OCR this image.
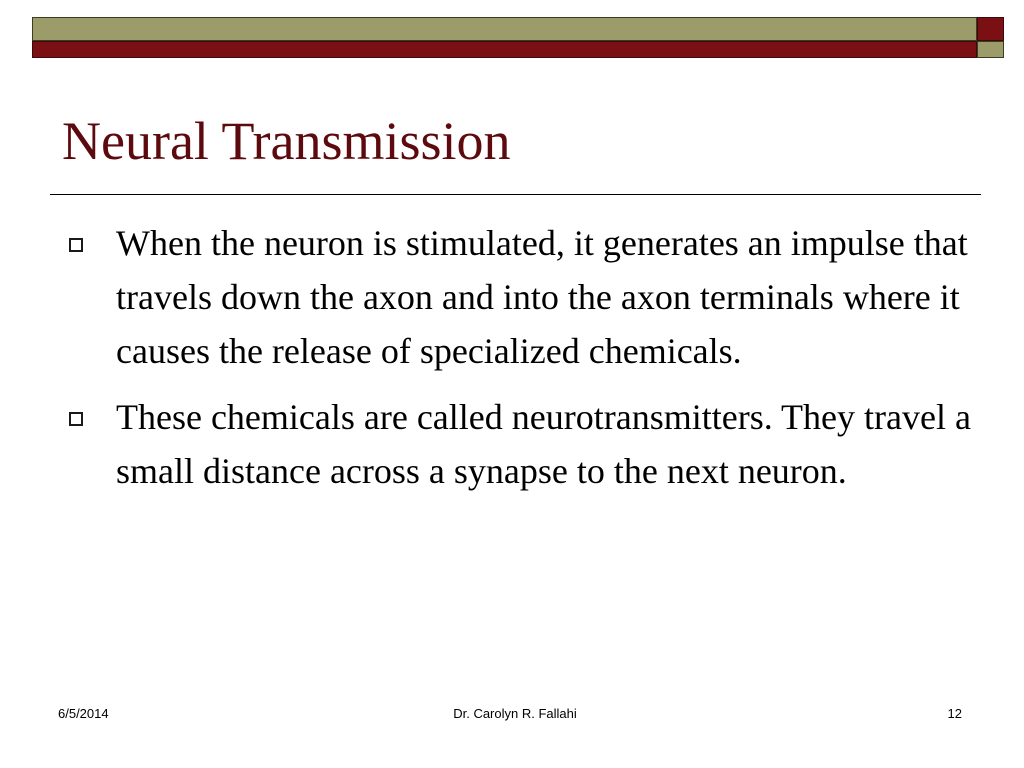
Neural Transmission
When the neuron is stimulated, it generates an impulse that travels down the axon and into the axon terminals where it causes the release of specialized chemicals.
These chemicals are called neurotransmitters. They travel a small distance across a synapse to the next neuron.
6/5/2014	Dr. Carolyn R. Fallahi	12
